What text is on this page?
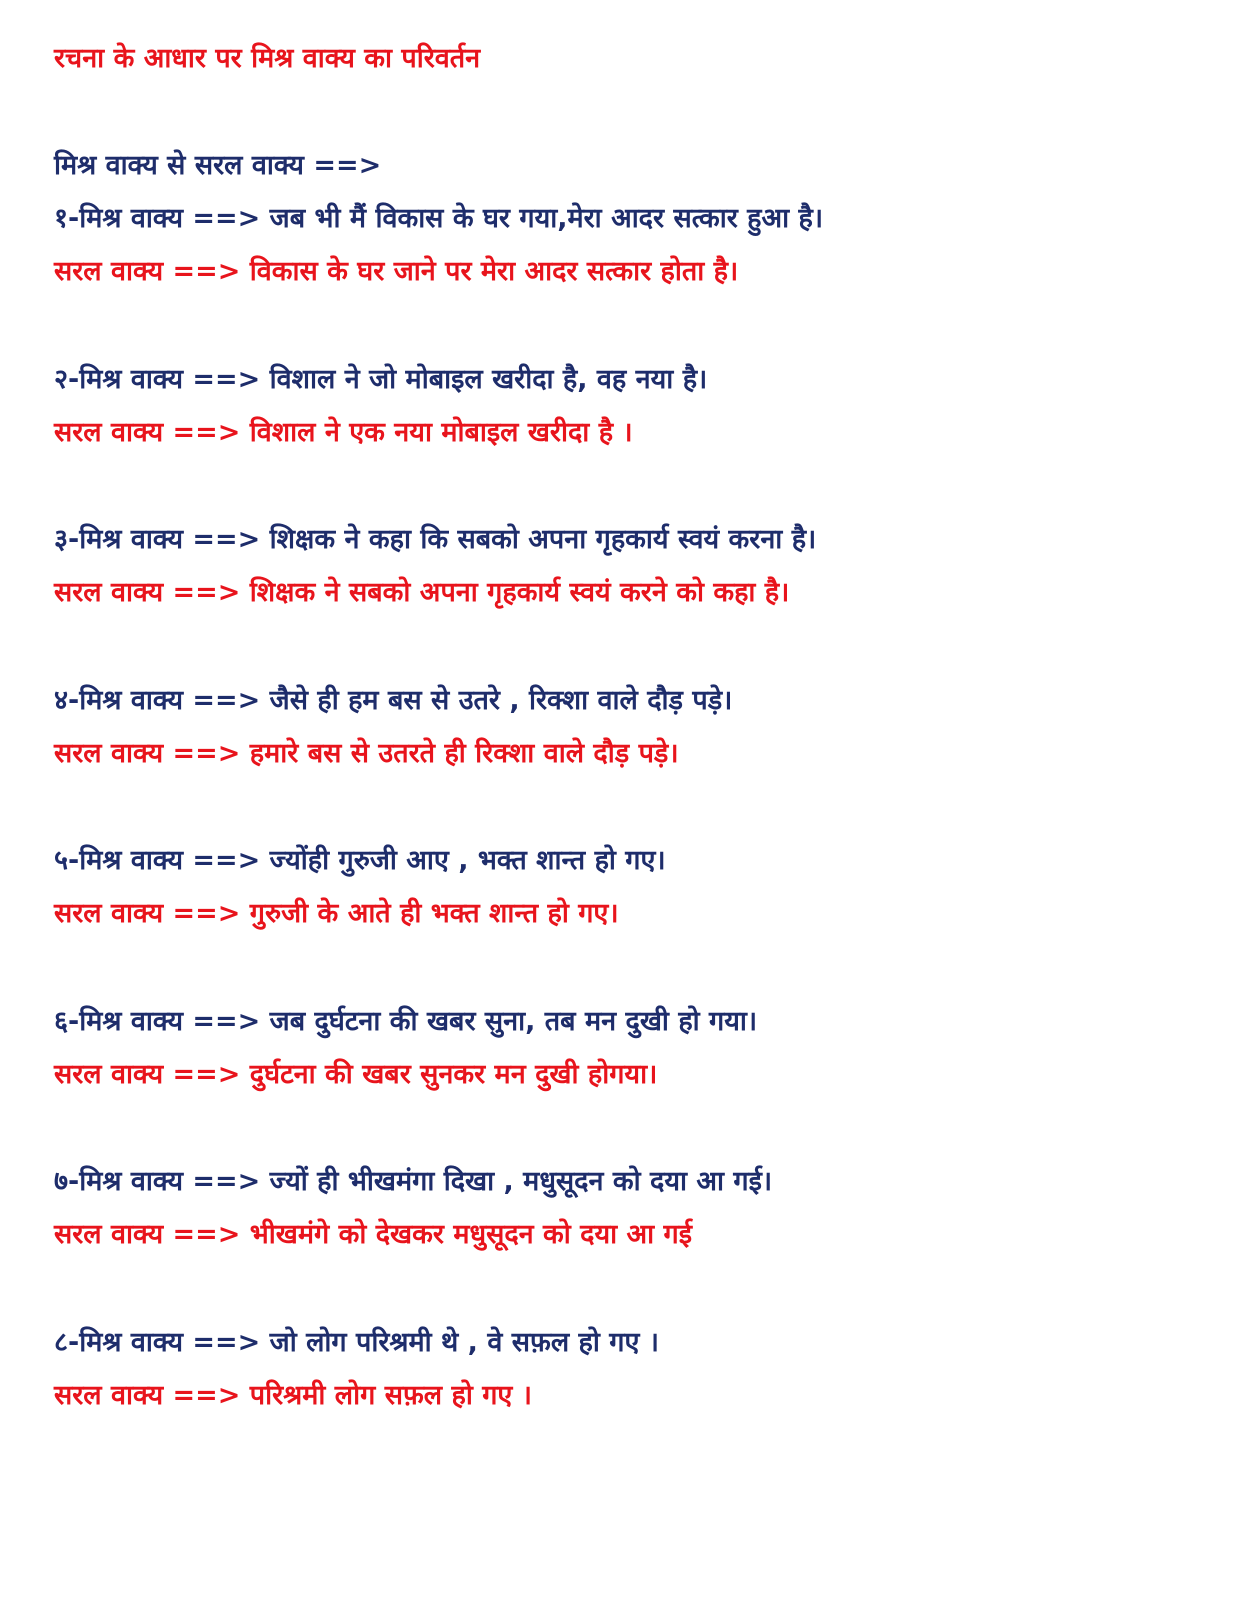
रचना के आधार पर मिश्र वाक्य का परिवर्तन
मिश्र वाक्य से सरल वाक्य ==>
१-मिश्र वाक्य ==> जब भी मैं विकास के घर गया,मेरा आदर सत्कार हुआ है।
सरल वाक्य ==> विकास के घर जाने पर मेरा आदर सत्कार होता है।
२-मिश्र वाक्य ==> विशाल ने जो मोबाइल खरीदा है, वह नया है।
सरल वाक्य ==> विशाल ने एक नया मोबाइल खरीदा है ।
३-मिश्र वाक्य ==> शिक्षक ने कहा कि सबको अपना गृहकार्य स्वयं करना है।
सरल वाक्य ==> शिक्षक ने सबको अपना गृहकार्य स्वयं करने को कहा है।
४-मिश्र वाक्य ==> जैसे ही हम बस से उतरे , रिक्शा वाले दौड़ पड़े।
सरल वाक्य ==> हमारे बस से उतरते ही रिक्शा वाले दौड़ पड़े।
५-मिश्र वाक्य ==> ज्योंही गुरुजी आए , भक्त शान्त हो गए।
सरल वाक्य ==> गुरुजी के आते ही भक्त शान्त हो गए।
६-मिश्र वाक्य ==> जब दुर्घटना की खबर सुना, तब मन दुखी हो गया।
सरल वाक्य ==> दुर्घटना की खबर सुनकर मन दुखी होगया।
७-मिश्र वाक्य ==> ज्यों ही भीखमंगा दिखा , मधुसूदन को दया आ गई।
सरल वाक्य ==> भीखमंगे को देखकर मधुसूदन को दया आ गई
८-मिश्र वाक्य ==> जो लोग परिश्रमी थे , वे सफ़ल हो गए ।
सरल वाक्य ==> परिश्रमी लोग सफ़ल हो गए ।
